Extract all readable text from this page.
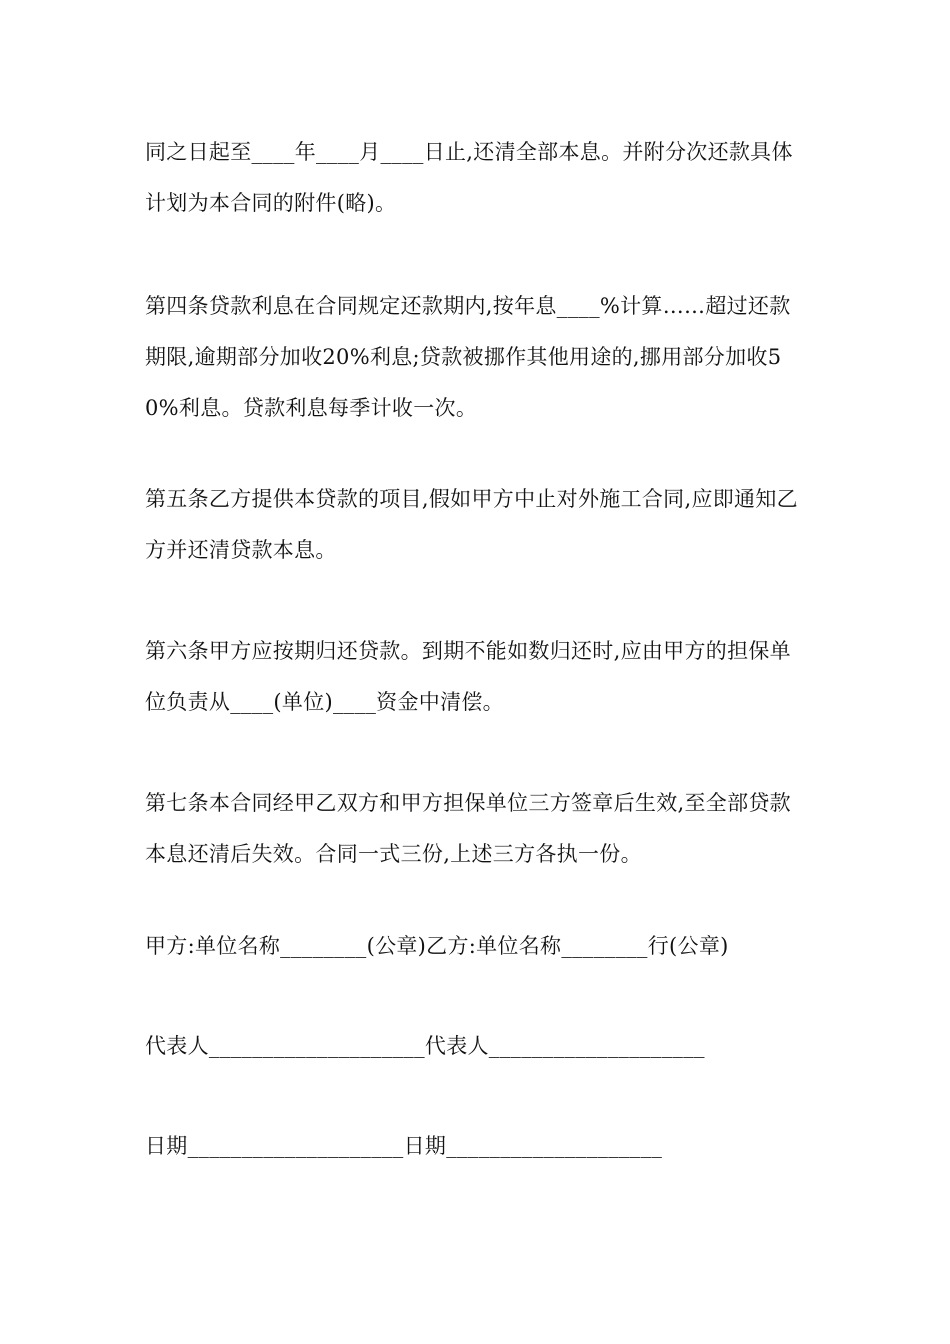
同之日起至____年____月____日止,还清全部本息。并附分次还款具体计划为本合同的附件(略)。

第四条贷款利息在合同规定还款期内,按年息____%计算……超过还款期限,逾期部分加收20%利息;贷款被挪作其他用途的,挪用部分加收50%利息。贷款利息每季计收一次。

第五条乙方提供本贷款的项目,假如甲方中止对外施工合同,应即通知乙方并还清贷款本息。

第六条甲方应按期归还贷款。到期不能如数归还时,应由甲方的担保单位负责从____(单位)____资金中清偿。

第七条本合同经甲乙双方和甲方担保单位三方签章后生效,至全部贷款本息还清后失效。合同一式三份,上述三方各执一份。

甲方:单位名称________(公章)乙方:单位名称________行(公章)

代表人____________________代表人____________________

日期____________________日期____________________
